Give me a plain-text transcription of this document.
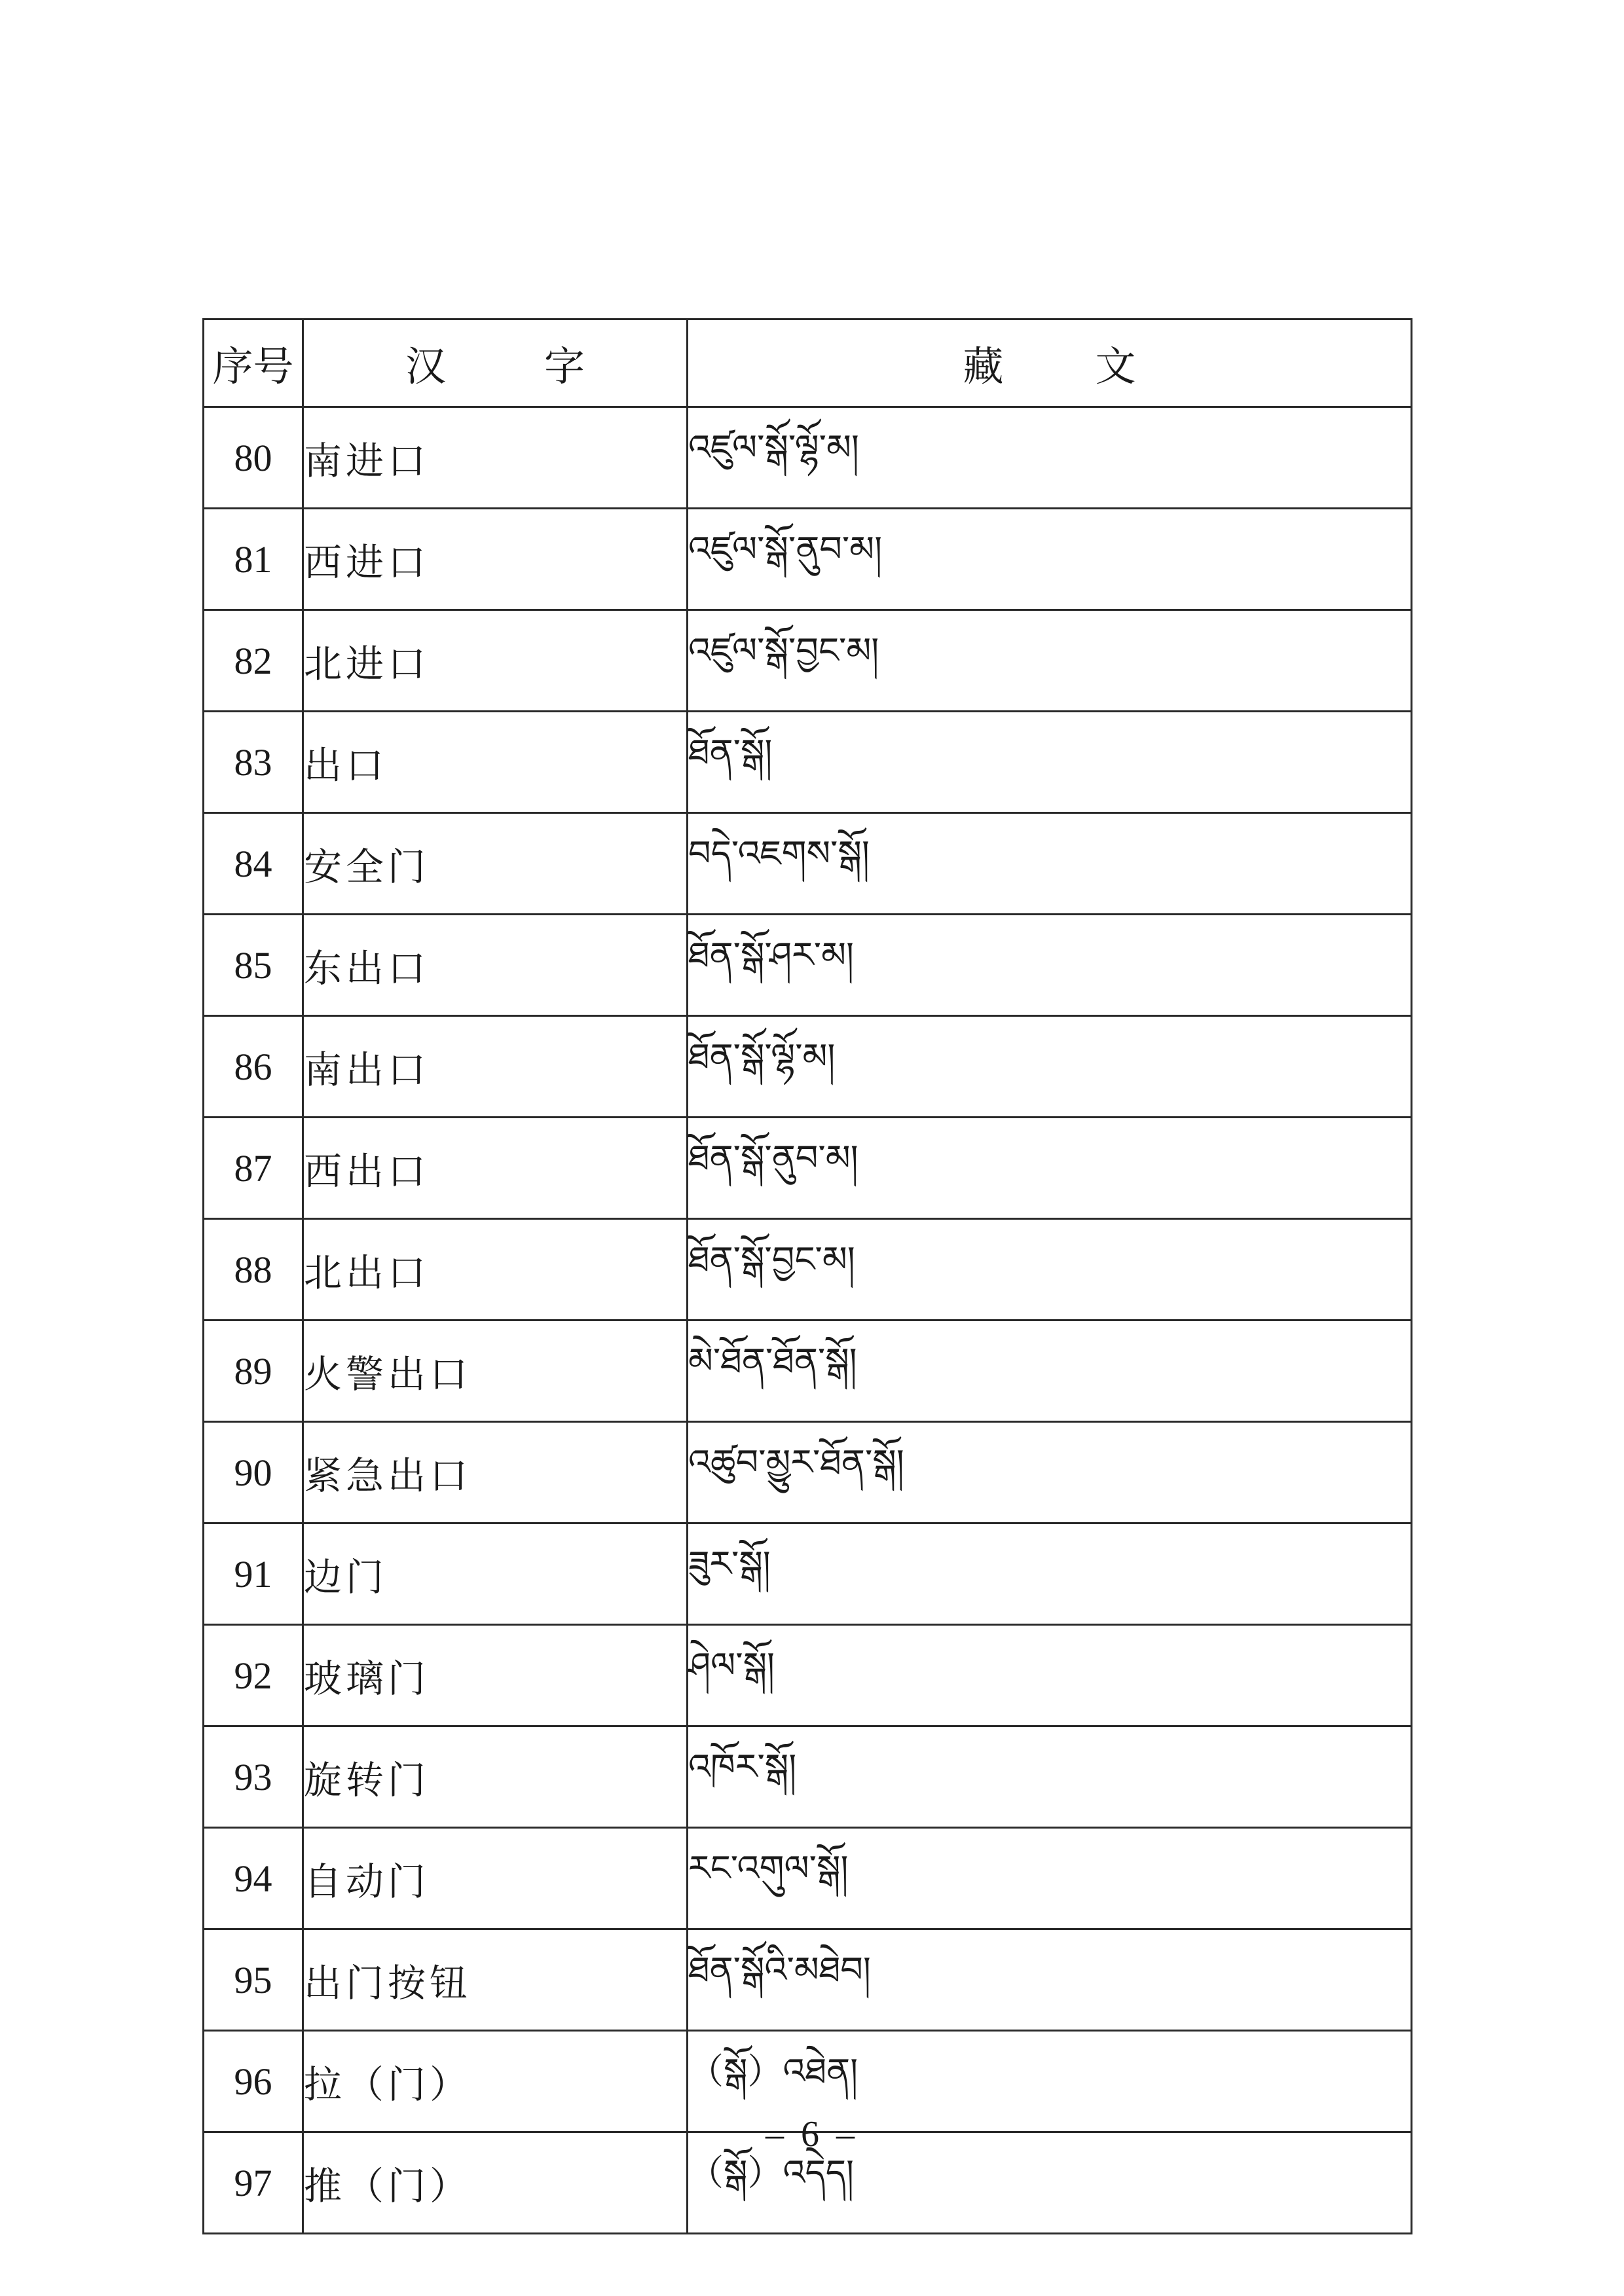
序号	汉 字	藏 文
80	南进口	འཛུལ་སྒོ་ལྷོ་མ།
81	西进口	འཛུལ་སྒོ་ནུབ་མ།
82	北进口	འཛུལ་སྒོ་བྱང་མ།
83	出口	ཐོན་སྒོ།
84	安全门	བདེ་འཇགས་སྒོ།
85	东出口	ཐོན་སྒོ་ཤར་མ།
86	南出口	ཐོན་སྒོ་ལྷོ་མ།
87	西出口	ཐོན་སྒོ་ནུབ་མ།
88	北出口	ཐོན་སྒོ་བྱང་མ།
89	火警出口	མེ་ཐོན་ཐོན་སྒོ།
90	紧急出口	འཚུབ་མྱུར་ཐོན་སྒོ།
91	边门	ཟུར་སྒོ།
92	玻璃门	ཤེལ་སྒོ།
93	旋转门	འཁོར་སྒོ།
94	自动门	རང་འགུལ་སྒོ།
95	出门按钮	ཐོན་སྒོའི་མཐེབ།
96	拉（门）	（སྒོ）འཐེན།
97	推（门）	（སྒོ）འདེད།
– 6 –
